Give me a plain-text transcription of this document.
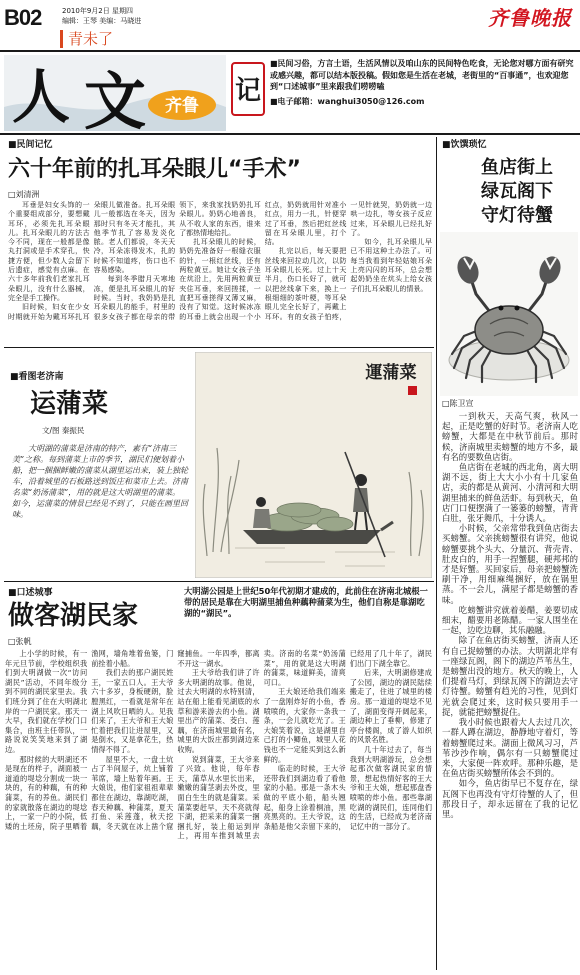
B02	2010年9月2日 星期四
编辑：王琴 美编：马晓进
青未了
齐鲁晚报
人 文 齐鲁 记
■民间习俗，方言土语，生活风情以及咱山东的民间特色吃食，无论您对哪方面有研究或感兴趣，都可以结本版投稿。假如您是生活在老城，老街里的“百事通”，也欢迎您到“口述城事”里来跟我们唠唠嗑
■电子邮箱：wanghui3050@126.com
■民间记忆
六十年前的扎耳朵眼儿“手术”
□刘清洲

耳垂是妇女头饰的一个重要组成部分，要想戴耳环，必须先扎耳朵眼儿。扎耳朵眼儿的方法古今不同，现在一般都是像丸打洞或是手术穿孔，快捷方便，但少数人会留下后遗症，感觉有点麻。在六十多年前我们老家扎耳朵眼儿，没有什么器械，完全是手工操作。

旧时候，妇女在少女时期就开始为戴耳环扎耳朵眼儿做准备。扎耳朵眼儿一般都选在冬天，因为那时只有冬天才能扎，其他季节扎了容易发炎化脓。老人们都说，冬天天冷，耳朵冻得发木，扎的时候不知道疼，伤口也不容易感染。

每到冬季腊月天寒地冻，便是扎耳朵眼儿的好时候。当时，我奶奶是扎耳朵眼儿的能手，村里的很多女孩子都在母亲的带领下，来我家找奶奶扎耳朵眼儿。奶奶心地善良，从不收人家的东西，谁来了都热情地给扎。

扎耳朵眼儿的时候，奶奶先准备好一根缝衣服的针，一根红丝线，还有两粒黄豆。她让女孩子坐在炕沿上，先用两粒黄豆夹住耳垂，来回搓揉，一直把耳垂搓得又薄又麻，没有了知觉。这时候冰冻的耳垂上就会出现一个小红点，奶奶就用针对准小红点，用力一扎，针便穿过了耳垂，然后把红丝线留在耳朵眼儿里，打个结。

扎完以后，每天要把丝线来回拉动几次，以防耳朵眼儿长死。过上十天半月，伤口长好了，就可以把丝线拿下来，换上一根细细的茶叶梗，等耳朵眼儿完全长好了，再戴上耳环。有的女孩子怕疼，一见针就哭，奶奶就一边哄一边扎，等女孩子反应过来，耳朵眼儿已经扎好了。

如今，扎耳朵眼儿早已不用这种土办法了。可每当我看到年轻姑娘耳朵上亮闪闪的耳环，总会想起奶奶坐在炕头上给女孩子们扎耳朵眼儿的情景。

■看图老济南
运蒲菜
文/图 秦振民
大明湖的蒲菜是济南的特产，素有“济南三美”之称。每到蒲菜上市的季节，湖民们便划着小船，把一捆捆鲜嫩的蒲菜从湖里运出来，装上独轮车，沿着城里的石板路送到饭庄和菜市上去。济南名菜“奶汤蒲菜”，用的就是这大明湖里的蒲菜。如今，运蒲菜的情景已经见不到了，只能在画里回味。
運蒲菜
■口述城事
做客湖民家
大明湖公园是上世纪50年代初期才建成的，此前住在济南北城根一带的居民是靠在大明湖里捕鱼种藕种蒲菜为生，他们自称是靠湖吃湖的“湖民”。
□张帆

上小学的时候，有一年元旦节前，学校组织我们到大明湖做一次“访问湖民”活动，不同年级分到不同的湖民家里去。我们班分到了住在大明湖北岸的一户湖民家。那天一大早，我们就在学校门口集合，由班主任带队，一路说说笑笑地来到了湖边。

那时候的大明湖还不是现在的样子，湖面被一道道的堤埝分割成一块一块的，有的种藕，有的种蒲菜，有的养鱼。湖民们的家就散落在湖边的堤埝上，一家一户的小院，低矮的土坯房，院子里晒着渔网，墙角堆着鱼篓，门前拴着小船。

我们去的那户湖民姓王，一家五口人。王大爷六十多岁，身板硬朗，脸膛黑红，一看就是常年在湖上风吹日晒的人。见我们来了，王大爷和王大娘忙着把我们让进屋里，又是倒水，又是拿花生，热情得不得了。

屋里不大，一盘土炕占了半间屋子，炕上铺着苇席，墙上贴着年画。王大娘说，他们家祖祖辈辈都住在湖边，靠湖吃湖，春天种藕、种蒲菜，夏天打鱼、采莲蓬，秋天挖藕，冬天就在冰上凿个窟窿捕鱼。一年四季，都离不开这一湖水。

王大爷给我们讲了许多大明湖的故事。他说，过去大明湖的水特别清，站在船上能看见湖底的水草和游来游去的小鱼。湖里出产的蒲菜、茭白、莲藕，在济南城里最有名，城里的大饭庄都到湖边来收购。

说到蒲菜，王大爷来了兴致。他说，每年春天，蒲草从水里长出来，嫩嫩的蒲茎剥去外皮，里面白生生的就是蒲菜。采蒲菜要赶早，天不亮就得下湖，把采来的蒲菜一捆捆扎好，装上船运到岸上，再用车推到城里去卖。济南的名菜“奶汤蒲菜”，用的就是这大明湖的蒲菜，味道鲜美，清爽可口。

王大娘还给我们端来了一盘刚炸好的小鱼，香喷喷的，大家你一条我一条，一会儿就吃光了。王大娘笑着说，这是湖里自己打的小鲫鱼，城里人花钱也不一定能买到这么新鲜的。

临走的时候，王大爷还带我们到湖边看了看他家的小船。那是一条木头做的平底小船，船头翘起，船身上涂着桐油，黑亮黑亮的。王大爷说，这条船是他父亲留下来的，已经用了几十年了，湖民们出门下湖全靠它。

后来，大明湖修建成了公园，湖边的湖民陆续搬走了，住进了城里的楼房。那一道道的堤埝不见了，湖面变得开阔起来，湖边种上了垂柳，修建了亭台楼阁，成了游人如织的风景名胜。

几十年过去了，每当我到大明湖游玩，总会想起那次做客湖民家的情景，想起热情好客的王大爷和王大娘，想起那盘香喷喷的炸小鱼。那些靠湖吃湖的湖民们，连同他们的生活，已经成为老济南记忆中的一部分了。

■饮馔琐忆
鱼店街上
绿瓦阁下
守灯待蟹
□陈卫宣

一到秋天，天高气爽，秋风一起，正是吃蟹的好时节。老济南人吃螃蟹，大都是在中秋节前后。那时候，济南城里卖螃蟹的地方不多，最有名的要数鱼店街。

鱼店街在老城的西北角，离大明湖不远，街上大大小小有十几家鱼店，卖的都是从黄河、小清河和大明湖里捕来的鲜鱼活虾。每到秋天，鱼店门口便摆满了一篓篓的螃蟹，青背白肚，张牙舞爪，十分诱人。

小时候，父亲常带我到鱼店街去买螃蟹。父亲挑螃蟹很有讲究，他说螃蟹要挑个头大、分量沉、背壳青、肚皮白的，用手一捏蟹腿，硬邦邦的才是好蟹。买回家后，母亲把螃蟹洗刷干净，用细麻绳捆好，放在锅里蒸。不一会儿，满屋子都是螃蟹的香味。

吃螃蟹讲究就着姜醋，姜要切成细末，醋要用老陈醋。一家人围坐在一起，边吃边聊，其乐融融。

除了在鱼店街买螃蟹，济南人还有自己捉螃蟹的办法。大明湖北岸有一座绿瓦阁，阁下的湖边芦苇丛生，是螃蟹出没的地方。秋天的晚上，人们提着马灯，到绿瓦阁下的湖边去守灯待蟹。螃蟹有趋光的习性，见到灯光就会爬过来，这时候只要用手一捉，就能把螃蟹捉住。

我小时候也跟着大人去过几次，一群人蹲在湖边，静静地守着灯，等着螃蟹爬过来。湖面上微风习习，芦苇沙沙作响，偶尔有一只螃蟹爬过来，大家便一阵欢呼。那种乐趣，是在鱼店街买螃蟹所体会不到的。

如今，鱼店街早已不复存在，绿瓦阁下也再没有守灯待蟹的人了，但那段日子，却永远留在了我的记忆里。
